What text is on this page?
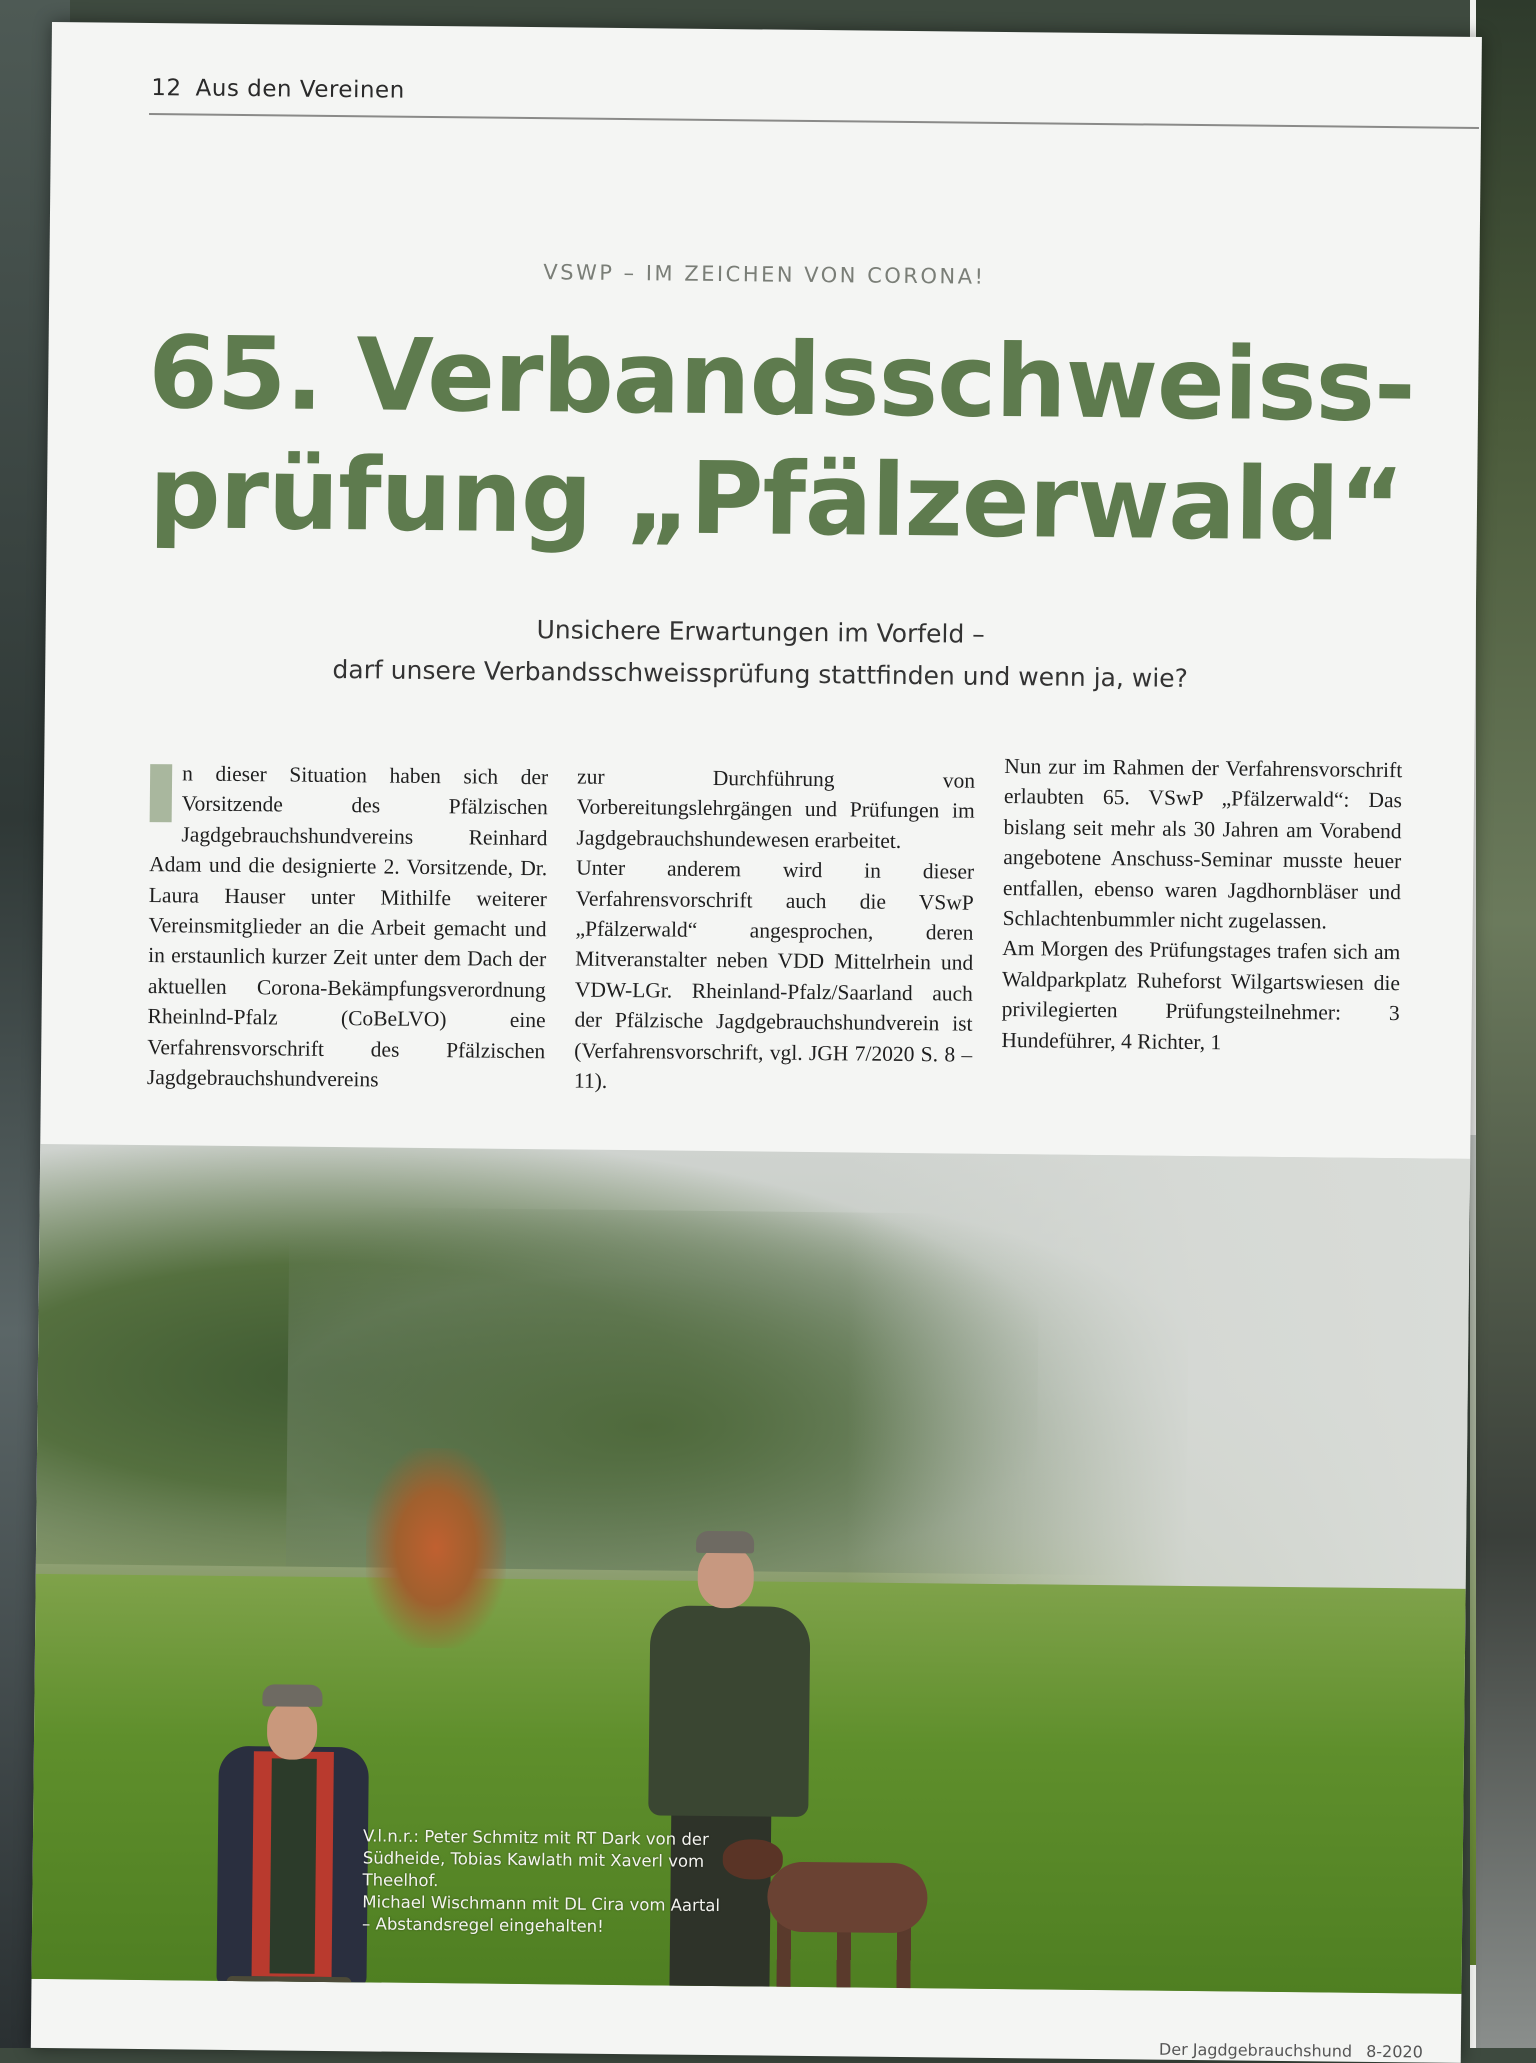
12 Aus den Vereinen
VSWP – IM ZEICHEN VON CORONA!
65. Verbandsschweiss-
prüfung „Pfälzerwald“
Unsichere Erwartungen im Vorfeld –
darf unsere Verbandsschweissprüfung stattfinden und wenn ja, wie?

n dieser Situation haben sich der Vorsitzende des Pfälzischen Jagdgebrauchshundvereins Reinhard Adam und die designierte 2. Vorsitzende, Dr. Laura Hauser unter Mithilfe weiterer Vereinsmitglieder an die Arbeit gemacht und in erstaunlich kurzer Zeit unter dem Dach der aktuellen Corona-Bekämpfungsverordnung Rheinlnd-Pfalz (CoBeLVO) eine Verfahrensvorschrift des Pfälzischen Jagdgebrauchshundvereins

zur Durchführung von Vorbereitungslehrgängen und Prüfungen im Jagdgebrauchshundewesen erarbeitet.

Unter anderem wird in dieser Verfahrensvorschrift auch die VSwP „Pfälzerwald“ angesprochen, deren Mitveranstalter neben VDD Mittelrhein und VDW-LGr. Rheinland-Pfalz/Saarland auch der Pfälzische Jagdgebrauchshundverein ist (Verfahrensvorschrift, vgl. JGH 7/2020 S. 8 –11).

Nun zur im Rahmen der Verfahrensvorschrift erlaubten 65. VSwP „Pfälzerwald“: Das bislang seit mehr als 30 Jahren am Vorabend angebotene Anschuss-Seminar musste heuer entfallen, ebenso waren Jagdhornbläser und Schlachtenbummler nicht zugelassen.

Am Morgen des Prüfungstages trafen sich am Waldparkplatz Ruheforst Wilgartswiesen die privilegierten Prüfungsteilnehmer: 3 Hundeführer, 4 Richter, 1

V.l.n.r.: Peter Schmitz mit RT Dark von der Südheide, Tobias Kawlath mit Xaverl vom Theelhof.

Michael Wischmann mit DL Cira vom Aartal – Abstandsregel eingehalten!

Der Jagdgebrauchshund 8-2020
